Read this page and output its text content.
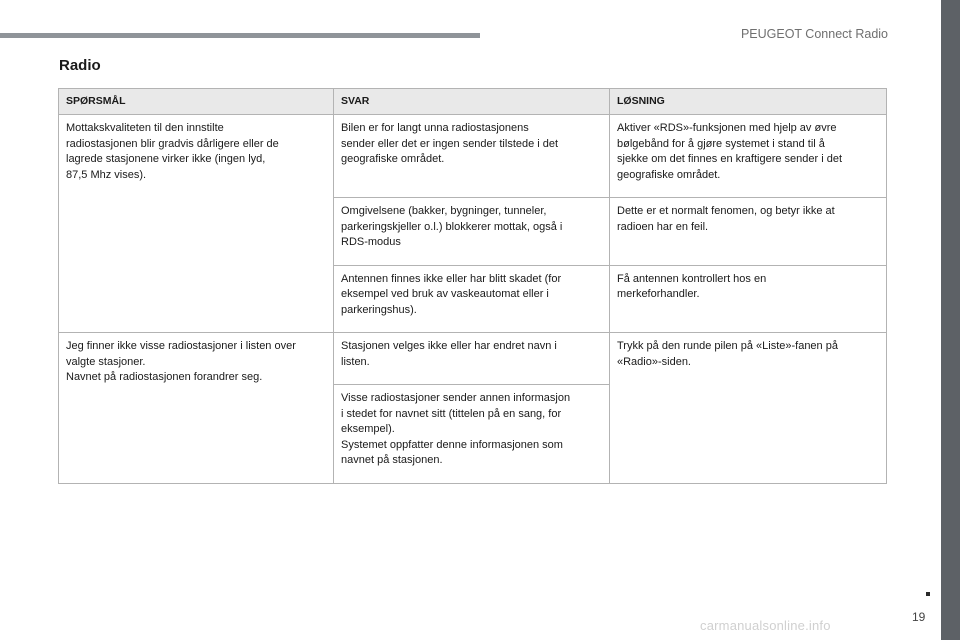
PEUGEOT Connect Radio
Radio
SPØRSMÅL	SVAR	LØSNING
Mottakskvaliteten til den innstilte
radiostasjonen blir gradvis dårligere eller de
lagrede stasjonene virker ikke (ingen lyd,
87,5 Mhz vises).	Bilen er for langt unna radiostasjonens
sender eller det er ingen sender tilstede i det
geografiske området.	Aktiver «RDS»-funksjonen med hjelp av øvre
bølgebånd for å gjøre systemet i stand til å
sjekke om det finnes en kraftigere sender i det
geografiske området.
	Omgivelsene (bakker, bygninger, tunneler,
parkeringskjeller o.l.) blokkerer mottak, også i
RDS-modus	Dette er et normalt fenomen, og betyr ikke at
radioen har en feil.
	Antennen finnes ikke eller har blitt skadet (for
eksempel ved bruk av vaskeautomat eller i
parkeringshus).	Få antennen kontrollert hos en
merkeforhandler.
Jeg finner ikke visse radiostasjoner i listen over
valgte stasjoner.
Navnet på radiostasjonen forandrer seg.	Stasjonen velges ikke eller har endret navn i
listen.	Trykk på den runde pilen på «Liste»-fanen på
«Radio»-siden.
	Visse radiostasjoner sender annen informasjon
i stedet for navnet sitt (tittelen på en sang, for
eksempel).
Systemet oppfatter denne informasjonen som
navnet på stasjonen.	
19
carmanualsonline.info
